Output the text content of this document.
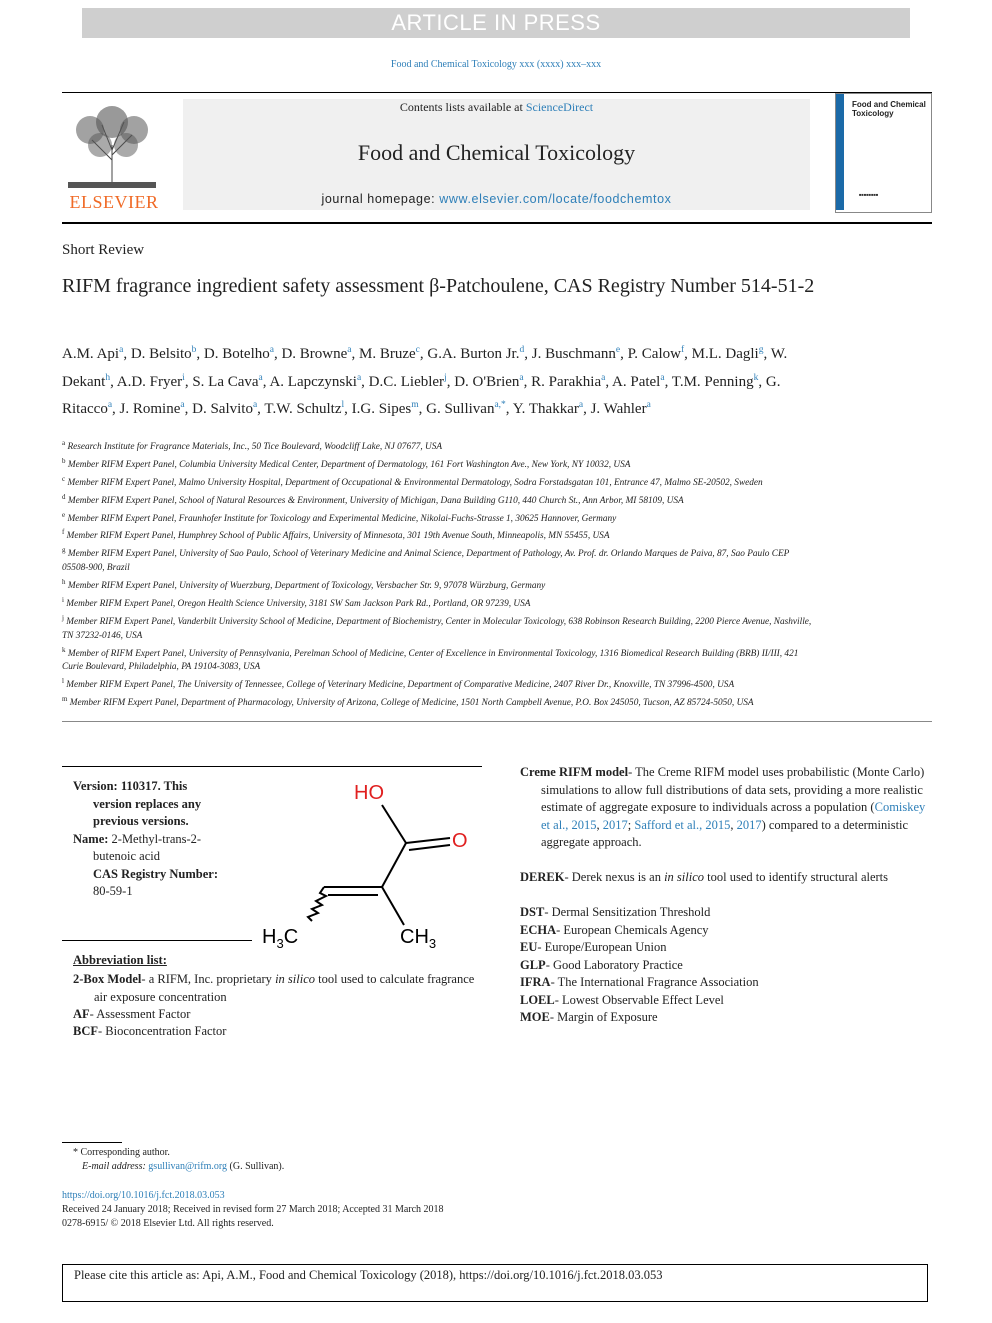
ARTICLE IN PRESS
Food and Chemical Toxicology xxx (xxxx) xxx–xxx
ELSEVIER
Contents lists available at ScienceDirect
Food and Chemical Toxicology
journal homepage: www.elsevier.com/locate/foodchemtox
Food and Chemical Toxicology
■■■■■■■■
Short Review
RIFM fragrance ingredient safety assessment β-Patchoulene, CAS Registry Number 514-51-2
A.M. Api$^a$, D. Belsito$^b$, D. Botelho$^a$, D. Browne$^a$, M. Bruze$^c$, G.A. Burton Jr.$^d$, J. Buschmann$^e$, P. Calow$^f$, M.L. Dagli$^g$, W. Dekant$^h$, A.D. Fryer$^i$, S. La Cava$^a$, A. Lapczynski$^a$, D.C. Liebler$^j$, D. O'Brien$^a$, R. Parakhia$^a$, A. Patel$^a$, T.M. Penning$^k$, G. Ritacco$^a$, J. Romine$^a$, D. Salvito$^a$, T.W. Schultz$^l$, I.G. Sipes$^m$, G. Sullivan$^{a,*}$, Y. Thakkar$^a$, J. Wahler$^a$

$^a$ Research Institute for Fragrance Materials, Inc., 50 Tice Boulevard, Woodcliff Lake, NJ 07677, USA

$^b$ Member RIFM Expert Panel, Columbia University Medical Center, Department of Dermatology, 161 Fort Washington Ave., New York, NY 10032, USA

$^c$ Member RIFM Expert Panel, Malmo University Hospital, Department of Occupational & Environmental Dermatology, Sodra Forstadsgatan 101, Entrance 47, Malmo SE-20502, Sweden

$^d$ Member RIFM Expert Panel, School of Natural Resources & Environment, University of Michigan, Dana Building G110, 440 Church St., Ann Arbor, MI 58109, USA

$^e$ Member RIFM Expert Panel, Fraunhofer Institute for Toxicology and Experimental Medicine, Nikolai-Fuchs-Strasse 1, 30625 Hannover, Germany

$^f$ Member RIFM Expert Panel, Humphrey School of Public Affairs, University of Minnesota, 301 19th Avenue South, Minneapolis, MN 55455, USA

$^g$ Member RIFM Expert Panel, University of Sao Paulo, School of Veterinary Medicine and Animal Science, Department of Pathology, Av. Prof. dr. Orlando Marques de Paiva, 87, Sao Paulo CEP 05508-900, Brazil

$^h$ Member RIFM Expert Panel, University of Wuerzburg, Department of Toxicology, Versbacher Str. 9, 97078 Würzburg, Germany

$^i$ Member RIFM Expert Panel, Oregon Health Science University, 3181 SW Sam Jackson Park Rd., Portland, OR 97239, USA

$^j$ Member RIFM Expert Panel, Vanderbilt University School of Medicine, Department of Biochemistry, Center in Molecular Toxicology, 638 Robinson Research Building, 2200 Pierce Avenue, Nashville, TN 37232-0146, USA

$^k$ Member of RIFM Expert Panel, University of Pennsylvania, Perelman School of Medicine, Center of Excellence in Environmental Toxicology, 1316 Biomedical Research Building (BRB) II/III, 421 Curie Boulevard, Philadelphia, PA 19104-3083, USA

$^l$ Member RIFM Expert Panel, The University of Tennessee, College of Veterinary Medicine, Department of Comparative Medicine, 2407 River Dr., Knoxville, TN 37996-4500, USA

$^m$ Member RIFM Expert Panel, Department of Pharmacology, University of Arizona, College of Medicine, 1501 North Campbell Avenue, P.O. Box 245050, Tucson, AZ 85724-5050, USA

Version: 110317. This

version replaces any

previous versions.

Name: 2-Methyl-trans-2-

butenoic acid

CAS Registry Number:

80-59-1

HO
O
$H_3C$	$CH_3$
Abbreviation list:

2-Box Model- a RIFM, Inc. proprietary in silico tool used to calculate fragrance air exposure concentration

AF- Assessment Factor
BCF- Bioconcentration Factor

Creme RIFM model- The Creme RIFM model uses probabilistic (Monte Carlo) simulations to allow full distributions of data sets, providing a more realistic estimate of aggregate exposure to individuals across a population (Comiskey et al., 2015, 2017; Safford et al., 2015, 2017) compared to a deterministic aggregate approach.

DEREK- Derek nexus is an in silico tool used to identify structural alerts

DST- Dermal Sensitization Threshold
ECHA- European Chemicals Agency
EU- Europe/European Union
GLP- Good Laboratory Practice
IFRA- The International Fragrance Association
LOEL- Lowest Observable Effect Level
MOE- Margin of Exposure
* Corresponding author.
E-mail address: gsullivan@rifm.org (G. Sullivan).
https://doi.org/10.1016/j.fct.2018.03.053
Received 24 January 2018; Received in revised form 27 March 2018; Accepted 31 March 2018
0278-6915/ © 2018 Elsevier Ltd. All rights reserved.
Please cite this article as: Api, A.M., Food and Chemical Toxicology (2018), https://doi.org/10.1016/j.fct.2018.03.053
